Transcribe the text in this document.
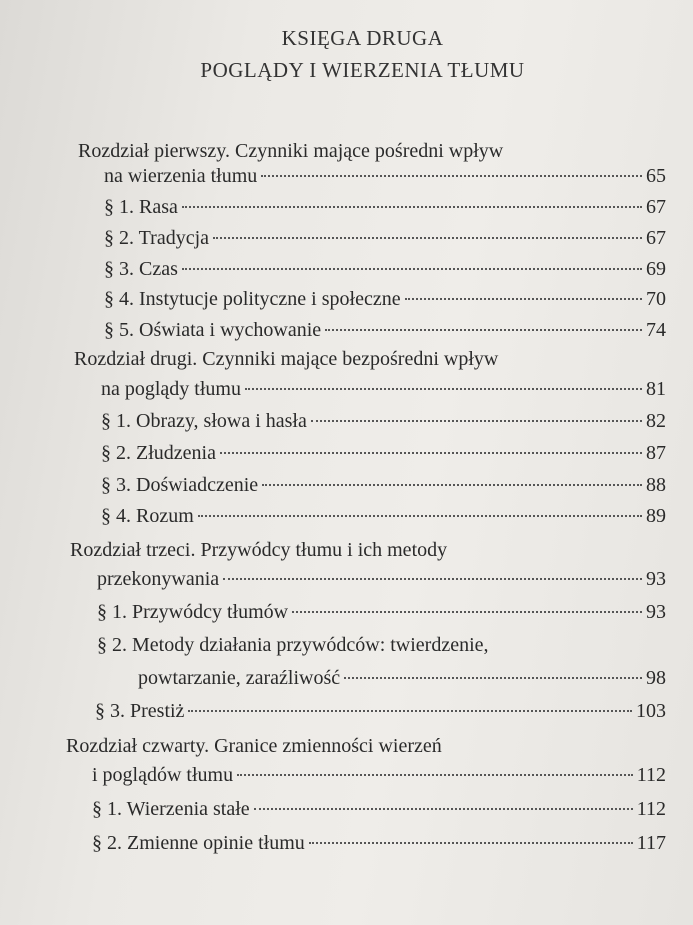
KSIĘGA DRUGA
POGLĄDY I WIERZENIA TŁUMU
Rozdział pierwszy. Czynniki mające pośredni wpływ
na wierzenia tłumu	65
§ 1. Rasa	67
§ 2. Tradycja	67
§ 3. Czas	69
§ 4. Instytucje polityczne i społeczne	70
§ 5. Oświata i wychowanie	74
Rozdział drugi. Czynniki mające bezpośredni wpływ
na poglądy tłumu	81
§ 1. Obrazy, słowa i hasła	82
§ 2. Złudzenia	87
§ 3. Doświadczenie	88
§ 4. Rozum	89
Rozdział trzeci. Przywódcy tłumu i ich metody
przekonywania	93
§ 1. Przywódcy tłumów	93
§ 2. Metody działania przywódców: twierdzenie,
powtarzanie, zaraźliwość	98
§ 3. Prestiż	103
Rozdział czwarty. Granice zmienności wierzeń
i poglądów tłumu	112
§ 1. Wierzenia stałe	112
§ 2. Zmienne opinie tłumu	117
